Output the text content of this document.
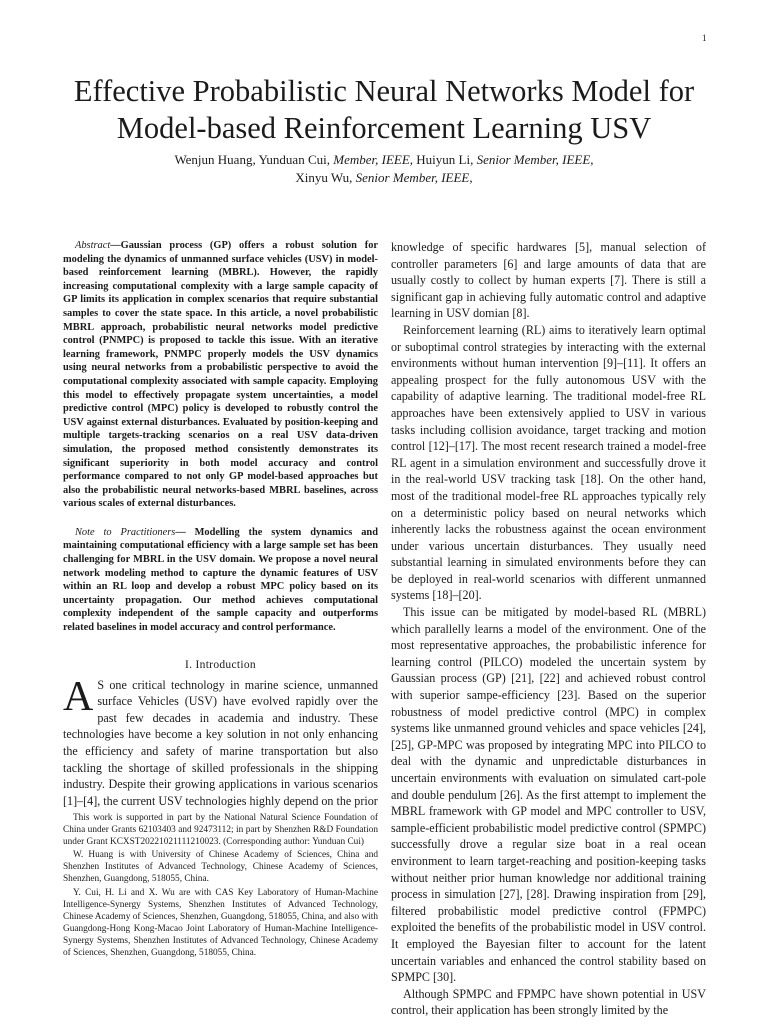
1
Effective Probabilistic Neural Networks Model for
Model-based Reinforcement Learning USV
Wenjun Huang, Yunduan Cui, Member, IEEE, Huiyun Li, Senior Member, IEEE,
Xinyu Wu, Senior Member, IEEE,

Abstract—Gaussian process (GP) offers a robust solution for modeling the dynamics of unmanned surface vehicles (USV) in model-based reinforcement learning (MBRL). However, the rapidly increasing computational complexity with a large sample capacity of GP limits its application in complex scenarios that require substantial samples to cover the state space. In this article, a novel probabilistic MBRL approach, probabilistic neural networks model predictive control (PNMPC) is proposed to tackle this issue. With an iterative learning framework, PNMPC properly models the USV dynamics using neural networks from a probabilistic perspective to avoid the computational complexity associated with sample capacity. Employing this model to effectively propagate system uncertainties, a model predictive control (MPC) policy is developed to robustly control the USV against external disturbances. Evaluated by position-keeping and multiple targets-tracking scenarios on a real USV data-driven simulation, the proposed method consistently demonstrates its significant superiority in both model accuracy and control performance compared to not only GP model-based approaches but also the probabilistic neural networks-based MBRL baselines, across various scales of external disturbances.

Note to Practitioners— Modelling the system dynamics and maintaining computational efficiency with a large sample set has been challenging for MBRL in the USV domain. We propose a novel neural network modeling method to capture the dynamic features of USV within an RL loop and develop a robust MPC policy based on its uncertainty propagation. Our method achieves computational complexity independent of the sample capacity and outperforms related baselines in model accuracy and control performance.

I. Introduction

A S one critical technology in marine science, unmanned surface Vehicles (USV) have evolved rapidly over the past few decades in academia and industry. These technologies have become a key solution in not only enhancing the efficiency and safety of marine transportation but also tackling the shortage of skilled professionals in the shipping industry. Despite their growing applications in various scenarios [1]–[4], the current USV technologies highly depend on the prior

This work is supported in part by the National Natural Science Foundation of China under Grants 62103403 and 92473112; in part by Shenzhen R&D Foundation under Grant KCXST20221021111210023. (Corresponding author: Yunduan Cui)

W. Huang is with University of Chinese Academy of Sciences, China and Shenzhen Institutes of Advanced Technology, Chinese Academy of Sciences, Shenzhen, Guangdong, 518055, China.

Y. Cui, H. Li and X. Wu are with CAS Key Laboratory of Human-Machine Intelligence-Synergy Systems, Shenzhen Institutes of Advanced Technology, Chinese Academy of Sciences, Shenzhen, Guangdong, 518055, China, and also with Guangdong-Hong Kong-Macao Joint Laboratory of Human-Machine Intelligence-Synergy Systems, Shenzhen Institutes of Advanced Technology, Chinese Academy of Sciences, Shenzhen, Guangdong, 518055, China.

knowledge of specific hardwares [5], manual selection of controller parameters [6] and large amounts of data that are usually costly to collect by human experts [7]. There is still a significant gap in achieving fully automatic control and adaptive learning in USV domian [8].

Reinforcement learning (RL) aims to iteratively learn optimal or suboptimal control strategies by interacting with the external environments without human intervention [9]–[11]. It offers an appealing prospect for the fully autonomous USV with the capability of adaptive learning. The traditional model-free RL approaches have been extensively applied to USV in various tasks including collision avoidance, target tracking and motion control [12]–[17]. The most recent research trained a model-free RL agent in a simulation environment and successfully drove it in the real-world USV tracking task [18]. On the other hand, most of the traditional model-free RL approaches typically rely on a deterministic policy based on neural networks which inherently lacks the robustness against the ocean environment under various uncertain disturbances. They usually need substantial learning in simulated environments before they can be deployed in real-world scenarios with different unmanned systems [18]–[20].

This issue can be mitigated by model-based RL (MBRL) which parallelly learns a model of the environment. One of the most representative approaches, the probabilistic inference for learning control (PILCO) modeled the uncertain system by Gaussian process (GP) [21], [22] and achieved robust control with superior sampe-efficiency [23]. Based on the superior robustness of model predictive control (MPC) in complex systems like unmanned ground vehicles and space vehicles [24], [25], GP-MPC was proposed by integrating MPC into PILCO to deal with the dynamic and unpredictable disturbances in uncertain environments with evaluation on simulated cart-pole and double pendulum [26]. As the first attempt to implement the MBRL framework with GP model and MPC controller to USV, sample-efficient probabilistic model predictive control (SPMPC) successfully drove a regular size boat in a real ocean environment to learn target-reaching and position-keeping tasks without neither prior human knowledge nor additional training process in simulation [27], [28]. Drawing inspiration from [29], filtered probabilistic model predictive control (FPMPC) exploited the benefits of the probabilistic model in USV control. It employed the Bayesian filter to account for the latent uncertain variables and enhanced the control stability based on SPMPC [30].

Although SPMPC and FPMPC have shown potential in USV control, their application has been strongly limited by the
